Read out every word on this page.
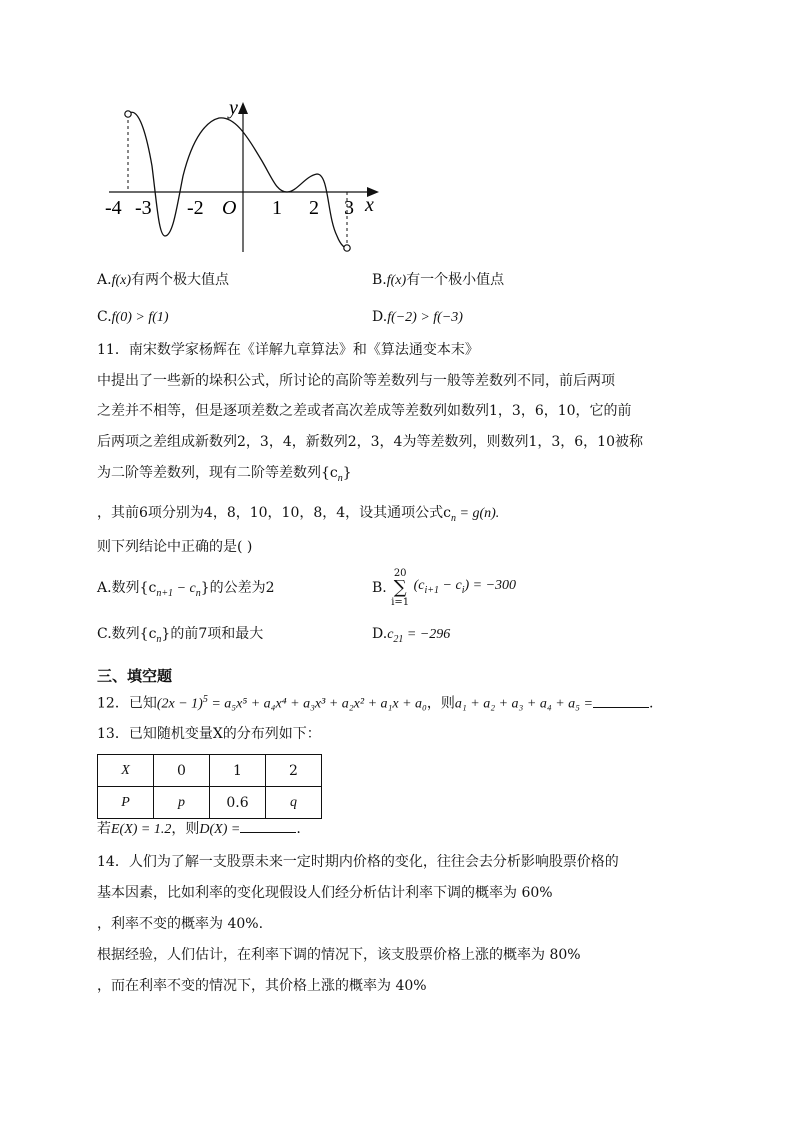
y
x
-4 -3 -2 O 1 2 3
A.f(x)有两个极大值点	B.f(x)有一个极小值点
C.f(0) > f(1)	D.f(−2) > f(−3)
11．南宋数学家杨辉在《详解九章算法》和《算法通变本末》
中提出了一些新的垛积公式，所讨论的高阶等差数列与一般等差数列不同，前后两项
之差并不相等，但是逐项差数之差或者高次差成等差数列如数列1，3，6，10，它的前
后两项之差组成新数列2，3，4，新数列2，3，4为等差数列，则数列1，3，6，10被称
为二阶等差数列，现有二阶等差数列$\{c_n\}$
，其前6项分别为4，8，10，10，8，4，设其通项公式$c_n = g(n)$.
则下列结论中正确的是( )
A.数列$\{c_{n+1} - c_n\}$的公差为2	B. 20
∑
i=1 $(c_{i+1} - c_i) = -300$
C.数列$\{c_n\}$的前7项和最大	$D.c_{21} = -296$
三、填空题
12．已知$(2x - 1)^5 = a_5x^5 + a_4x^4 + a_3x^3 + a_2x^2 + a_1x + a_0$，则a₁ + a₂ + a₃ + a₄ + a₅ =	.
13．已知随机变量X的分布列如下：
X	0	1	2
P	p	0.6	q
若E(X) = 1.2，则D(X) =	.
14．人们为了解一支股票未来一定时期内价格的变化，往往会去分析影响股票价格的
基本因素，比如利率的变化现假设人们经分析估计利率下调的概率为 60%
，利率不变的概率为 40%.
根据经验，人们估计，在利率下调的情况下，该支股票价格上涨的概率为 80%
，而在利率不变的情况下，其价格上涨的概率为 40%
